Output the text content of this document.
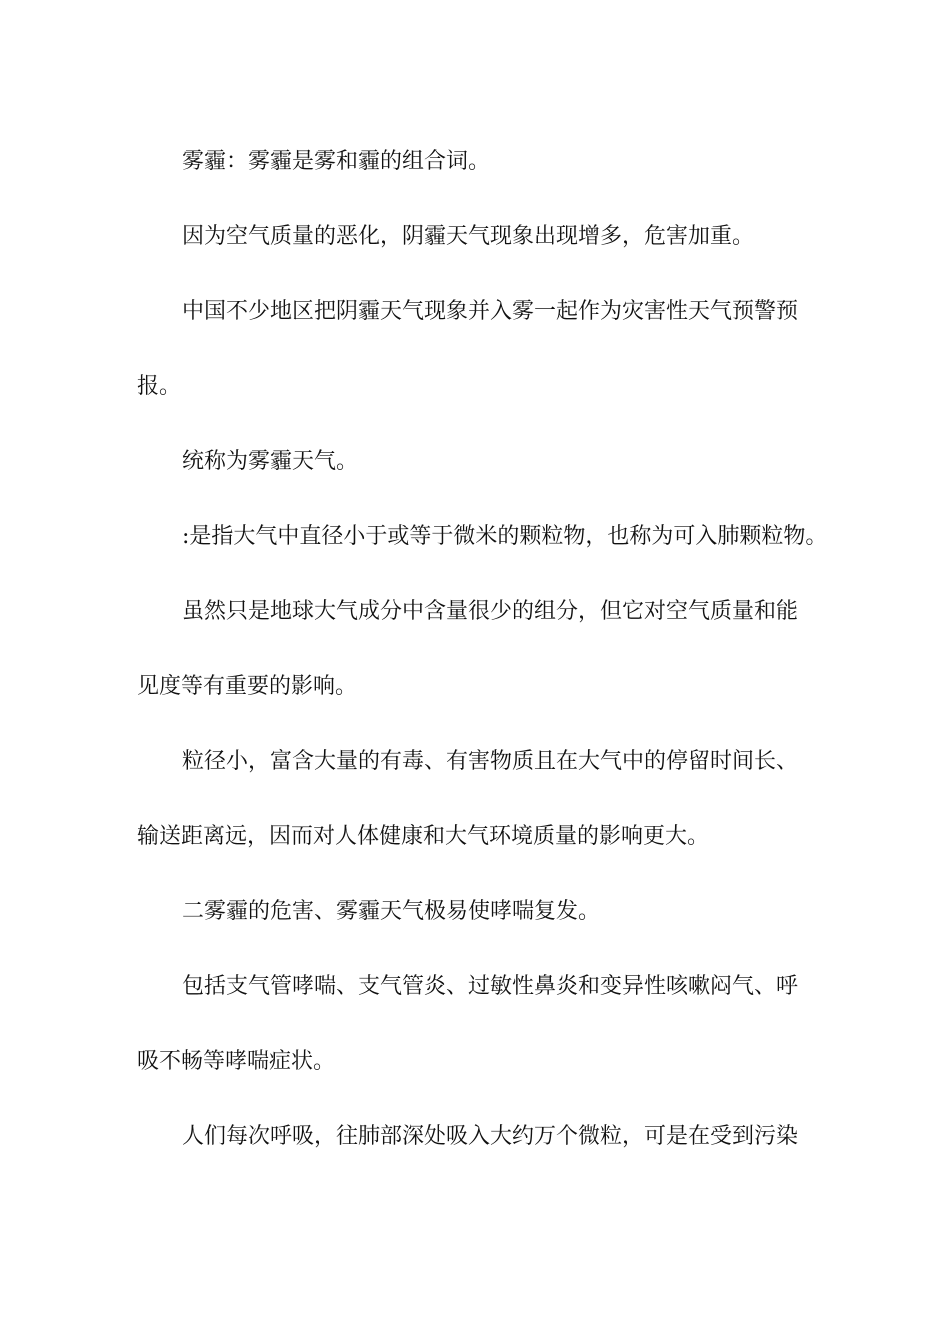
雾霾：雾霾是雾和霾的组合词。

因为空气质量的恶化，阴霾天气现象出现增多，危害加重。

中国不少地区把阴霾天气现象并入雾一起作为灾害性天气预警预

报。

统称为雾霾天气。

:是指大气中直径小于或等于微米的颗粒物，也称为可入肺颗粒物。

虽然只是地球大气成分中含量很少的组分，但它对空气质量和能

见度等有重要的影响。

粒径小，富含大量的有毒、有害物质且在大气中的停留时间长、

输送距离远，因而对人体健康和大气环境质量的影响更大。

二雾霾的危害、雾霾天气极易使哮喘复发。

包括支气管哮喘、支气管炎、过敏性鼻炎和变异性咳嗽闷气、呼

吸不畅等哮喘症状。

人们每次呼吸，往肺部深处吸入大约万个微粒，可是在受到污染
